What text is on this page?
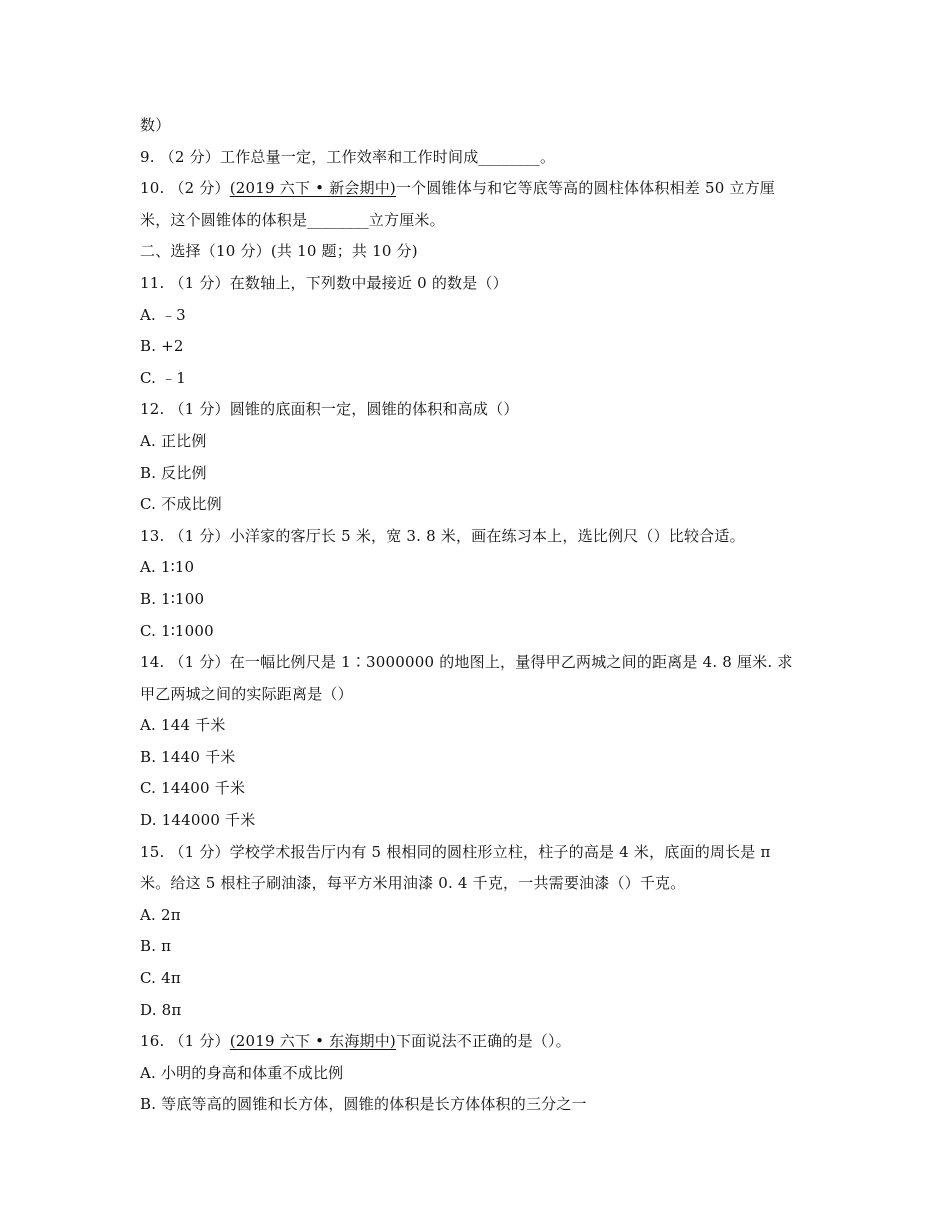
数）
9. （2 分）工作总量一定，工作效率和工作时间成________。
10. （2 分）(2019 六下 • 新会期中)一个圆锥体与和它等底等高的圆柱体体积相差 50 立方厘
米，这个圆锥体的体积是________立方厘米。
二、选择（10 分）(共 10 题；共 10 分)
11. （1 分）在数轴上，下列数中最接近 0 的数是（）
A. ﹣3
B. +2
C. ﹣1
12. （1 分）圆锥的底面积一定，圆锥的体积和高成（）
A. 正比例
B. 反比例
C. 不成比例
13. （1 分）小洋家的客厅长 5 米，宽 3. 8 米，画在练习本上，选比例尺（）比较合适。
A. 1∶10
B. 1∶100
C. 1∶1000
14. （1 分）在一幅比例尺是 1∶3000000 的地图上，量得甲乙两城之间的距离是 4. 8 厘米. 求
甲乙两城之间的实际距离是（）
A. 144 千米
B. 1440 千米
C. 14400 千米
D. 144000 千米
15. （1 分）学校学术报告厅内有 5 根相同的圆柱形立柱，柱子的高是 4 米，底面的周长是 π
米。给这 5 根柱子刷油漆，每平方米用油漆 0. 4 千克，一共需要油漆（）千克。
A. 2π
B. π
C. 4π
D. 8π
16. （1 分）(2019 六下 • 东海期中)下面说法不正确的是（）。
A. 小明的身高和体重不成比例
B. 等底等高的圆锥和长方体，圆锥的体积是长方体体积的三分之一
